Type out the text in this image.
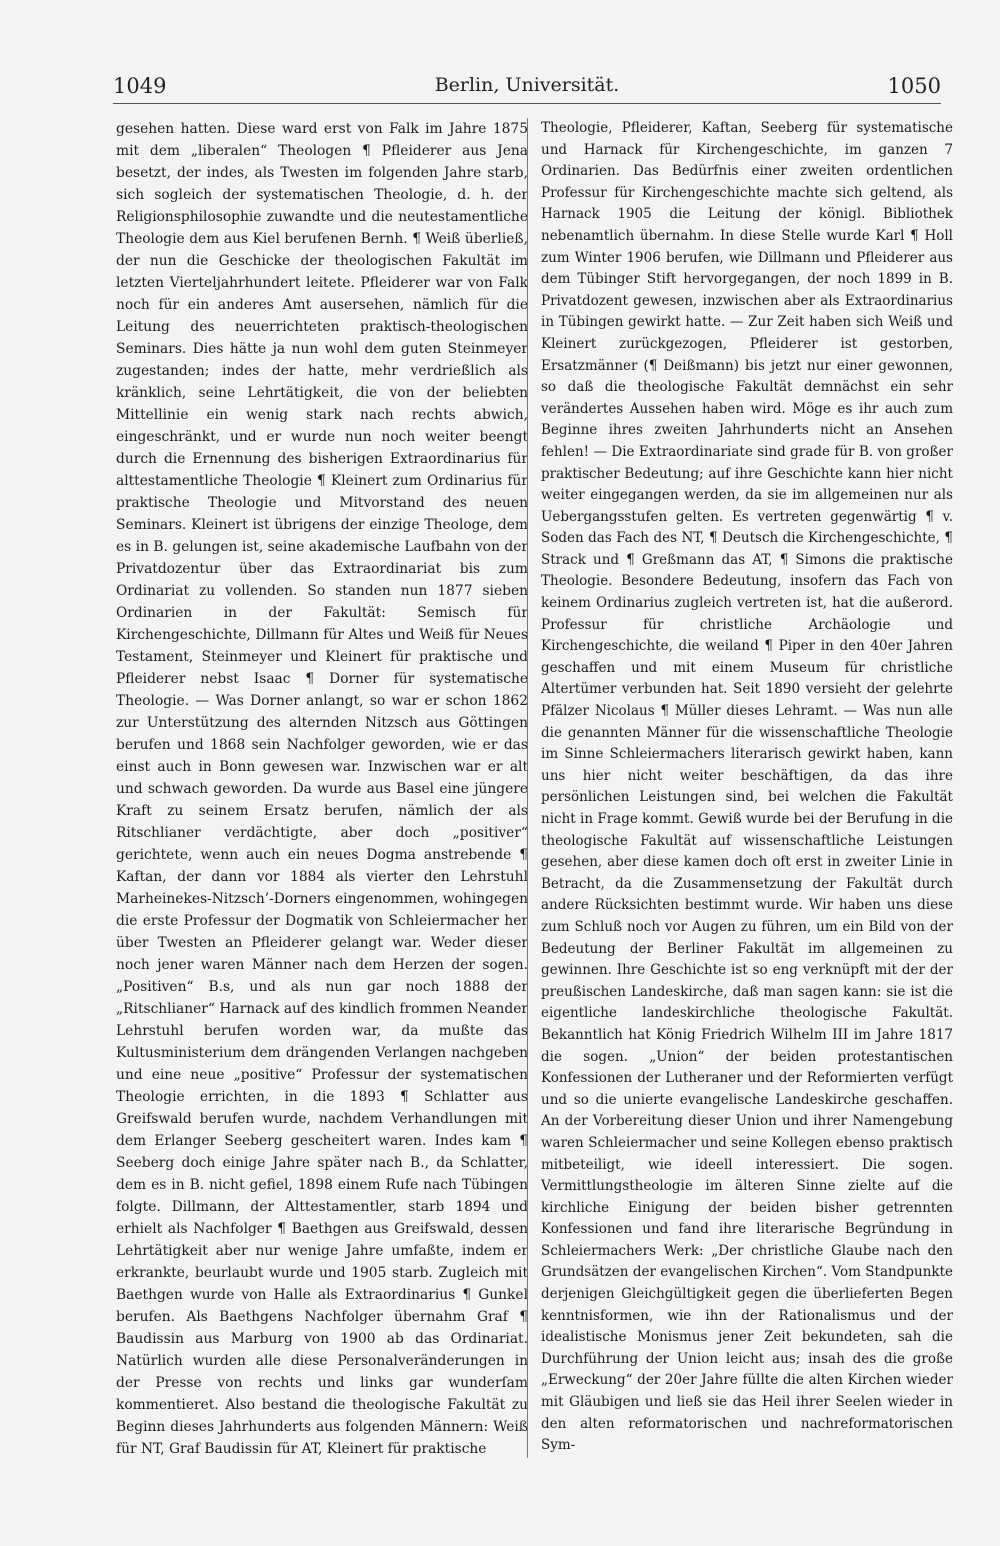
1049	Berlin, Universität.	1050

gesehen hatten. Diese ward erst von Falk im Jahre 1875 mit dem „liberalen“ Theologen ¶ Pfleiderer aus Jena besetzt, der indes, als Twesten im folgenden Jahre starb, sich sogleich der systematischen Theologie, d. h. der Religionsphilosophie zuwandte und die neutestamentliche Theologie dem aus Kiel berufenen Bernh. ¶ Weiß überließ, der nun die Geschicke der theologischen Fakultät im letzten Vierteljahrhundert leitete. Pfleiderer war von Falk noch für ein anderes Amt ausersehen, nämlich für die Leitung des neuerrichteten praktisch-theologischen Seminars. Dies hätte ja nun wohl dem guten Steinmeyer zugestanden; indes der hatte, mehr verdrießlich als kränklich, seine Lehrtätigkeit, die von der beliebten Mittellinie ein wenig stark nach rechts abwich, eingeschränkt, und er wurde nun noch weiter beengt durch die Ernennung des bisherigen Extraordinarius für alttestamentliche Theologie ¶ Kleinert zum Ordinarius für praktische Theologie und Mitvorstand des neuen Seminars. Kleinert ist übrigens der einzige Theologe, dem es in B. gelungen ist, seine akademische Laufbahn von der Privatdozentur über das Extraordinariat bis zum Ordinariat zu vollenden. So standen nun 1877 sieben Ordinarien in der Fakultät: Semisch für Kirchengeschichte, Dillmann für Altes und Weiß für Neues Testament, Steinmeyer und Kleinert für praktische und Pfleiderer nebst Isaac ¶ Dorner für systematische Theologie. — Was Dorner anlangt, so war er schon 1862 zur Unterstützung des alternden Nitzsch aus Göttingen berufen und 1868 sein Nachfolger geworden, wie er das einst auch in Bonn gewesen war. Inzwischen war er alt und schwach geworden. Da wurde aus Basel eine jüngere Kraft zu seinem Ersatz berufen, nämlich der als Ritschlianer verdächtigte, aber doch „positiver“ gerichtete, wenn auch ein neues Dogma anstrebende ¶ Kaftan, der dann vor 1884 als vierter den Lehrstuhl Marheinekes-Nitzsch’-Dorners eingenommen, wohingegen die erste Professur der Dogmatik von Schleiermacher her über Twesten an Pfleiderer gelangt war. Weder dieser noch jener waren Männer nach dem Herzen der sogen. „Positiven“ B.s, und als nun gar noch 1888 der „Ritschlianer“ Harnack auf des kindlich frommen Neander Lehrstuhl berufen worden war, da mußte das Kultusministerium dem drängenden Verlangen nachgeben und eine neue „positive“ Professur der systematischen Theologie errichten, in die 1893 ¶ Schlatter aus Greifswald berufen wurde, nachdem Verhandlungen mit dem Erlanger Seeberg gescheitert waren. Indes kam ¶ Seeberg doch einige Jahre später nach B., da Schlatter, dem es in B. nicht gefiel, 1898 einem Rufe nach Tübingen folgte. Dillmann, der Alttestamentler, starb 1894 und erhielt als Nachfolger ¶ Baethgen aus Greifswald, dessen Lehrtätigkeit aber nur wenige Jahre umfaßte, indem er erkrankte, beurlaubt wurde und 1905 starb. Zugleich mit Baethgen wurde von Halle als Extraordinarius ¶ Gunkel berufen. Als Baethgens Nachfolger übernahm Graf ¶ Baudissin aus Marburg von 1900 ab das Ordinariat. Natürlich wurden alle diese Personalveränderungen in der Presse von rechts und links gar wunderſam kommentieret. Also bestand die theologische Fakultät zu Beginn dieses Jahrhunderts aus folgenden Männern: Weiß für NT, Graf Baudissin für AT, Kleinert für praktische

Theologie, Pfleiderer, Kaftan, Seeberg für systematische und Harnack für Kirchengeschichte, im ganzen 7 Ordinarien. Das Bedürfnis einer zweiten ordentlichen Professur für Kirchengeschichte machte sich geltend, als Harnack 1905 die Leitung der königl. Bibliothek nebenamtlich übernahm. In diese Stelle wurde Karl ¶ Holl zum Winter 1906 berufen, wie Dillmann und Pfleiderer aus dem Tübinger Stift hervorgegangen, der noch 1899 in B. Privatdozent gewesen, inzwischen aber als Extraordinarius in Tübingen gewirkt hatte. — Zur Zeit haben sich Weiß und Kleinert zurückgezogen, Pfleiderer ist gestorben, Ersatzmänner (¶ Deißmann) bis jetzt nur einer gewonnen, so daß die theologische Fakultät demnächst ein sehr verändertes Aussehen haben wird. Möge es ihr auch zum Beginne ihres zweiten Jahrhunderts nicht an Ansehen fehlen! — Die Extraordinariate sind grade für B. von großer praktischer Bedeutung; auf ihre Geschichte kann hier nicht weiter eingegangen werden, da sie im allgemeinen nur als Uebergangsstufen gelten. Es vertreten gegenwärtig ¶ v. Soden das Fach des NT, ¶ Deutsch die Kirchengeschichte, ¶ Strack und ¶ Greßmann das AT, ¶ Simons die praktische Theologie. Besondere Bedeutung, insofern das Fach von keinem Ordinarius zugleich vertreten ist, hat die außerord. Professur für christliche Archäologie und Kirchengeschichte, die weiland ¶ Piper in den 40er Jahren geschaffen und mit einem Museum für christliche Altertümer verbunden hat. Seit 1890 versieht der gelehrte Pfälzer Nicolaus ¶ Müller dieses Lehramt. — Was nun alle die genannten Männer für die wissenschaftliche Theologie im Sinne Schleiermachers literarisch gewirkt haben, kann uns hier nicht weiter beschäftigen, da das ihre persönlichen Leistungen sind, bei welchen die Fakultät nicht in Frage kommt. Gewiß wurde bei der Berufung in die theologische Fakultät auf wissenschaftliche Leistungen gesehen, aber diese kamen doch oft erst in zweiter Linie in Betracht, da die Zusammensetzung der Fakultät durch andere Rücksichten bestimmt wurde. Wir haben uns diese zum Schluß noch vor Augen zu führen, um ein Bild von der Bedeutung der Berliner Fakultät im allgemeinen zu gewinnen. Ihre Geschichte ist so eng verknüpft mit der der preußischen Landeskirche, daß man sagen kann: sie ist die eigentliche landeskirchliche theologische Fakultät. Bekanntlich hat König Friedrich Wilhelm III im Jahre 1817 die sogen. „Union“ der beiden protestantischen Konfessionen der Lutheraner und der Reformierten verfügt und so die unierte evangelische Landeskirche geschaffen. An der Vorbereitung dieser Union und ihrer Namengebung waren Schleiermacher und seine Kollegen ebenso praktisch mitbeteiligt, wie ideell interessiert. Die sogen. Vermittlungstheologie im älteren Sinne zielte auf die kirchliche Einigung der beiden bisher getrennten Konfessionen und fand ihre literarische Begründung in Schleiermachers Werk: „Der christliche Glaube nach den Grundsätzen der evangelischen Kirchen“. Vom Standpunkte derjenigen Gleichgültigkeit gegen die überlieferten Begen kenntnisformen, wie ihn der Rationalismus und der idealistische Monismus jener Zeit bekundeten, sah die Durchführung der Union leicht aus; insah des die große „Erweckung“ der 20er Jahre füllte die alten Kirchen wieder mit Gläubigen und ließ sie das Heil ihrer Seelen wieder in den alten reformatorischen und nachreformatorischen Sym-
